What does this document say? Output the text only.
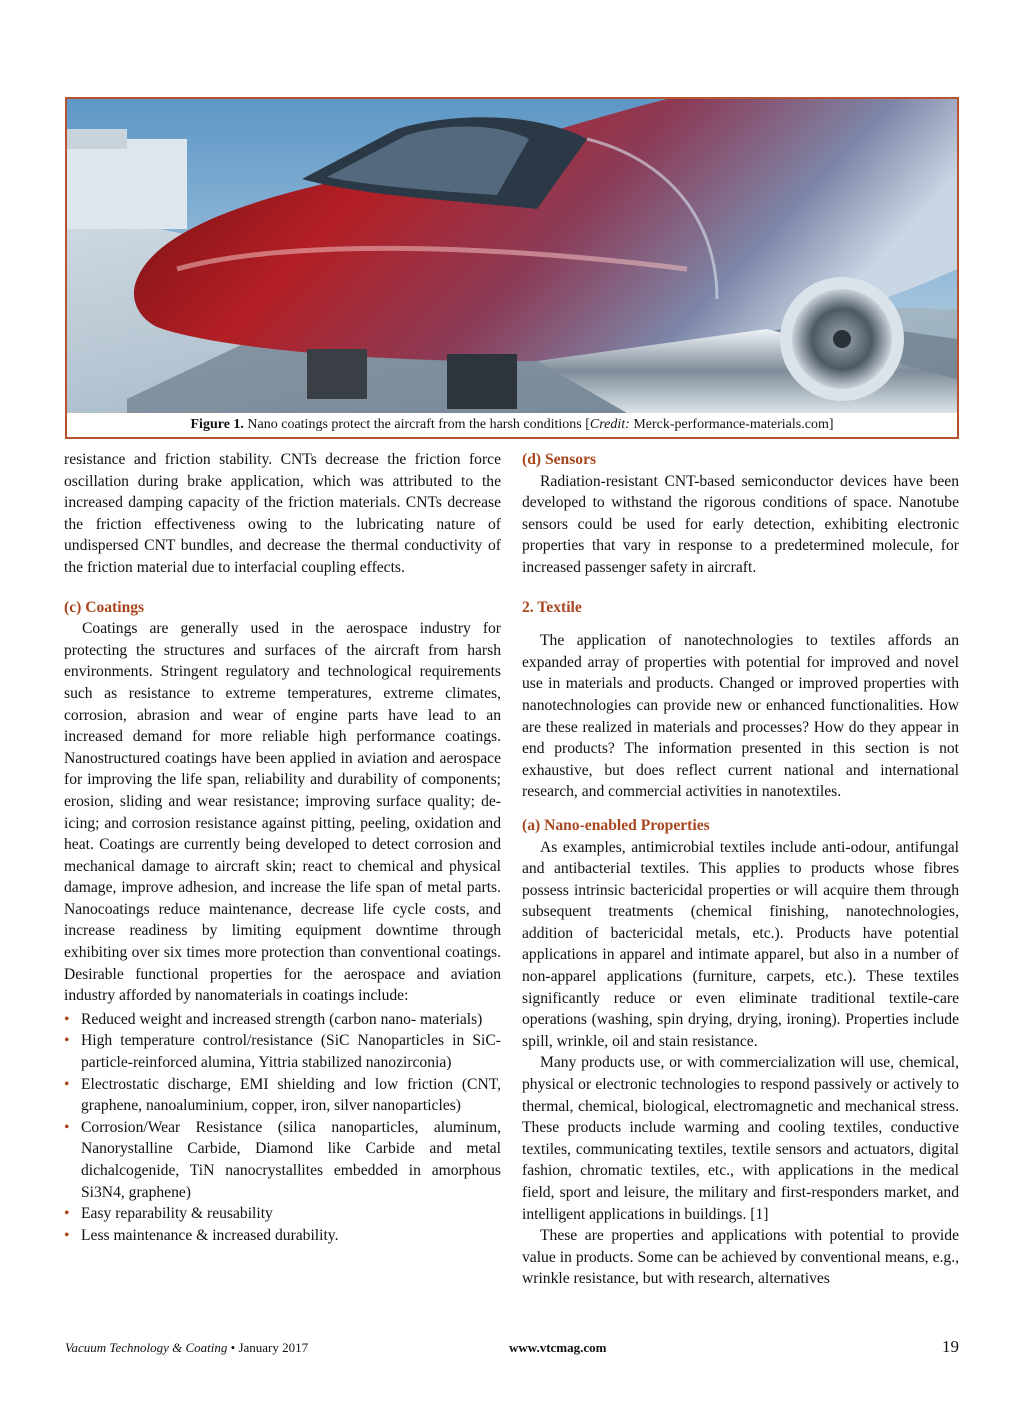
Figure 1. Nano coatings protect the aircraft from the harsh conditions [Credit: Merck-performance-materials.com]

resistance and friction stability. CNTs decrease the friction force oscillation during brake application, which was attributed to the increased damping capacity of the friction materials. CNTs decrease the friction effectiveness owing to the lubricating nature of undispersed CNT bundles, and decrease the thermal conductivity of the friction material due to interfacial coupling effects.

(c) Coatings

Coatings are generally used in the aerospace industry for protecting the structures and surfaces of the aircraft from harsh environments. Stringent regulatory and technological requirements such as resistance to extreme temperatures, extreme climates, corrosion, abrasion and wear of engine parts have lead to an increased demand for more reliable high performance coatings. Nanostructured coatings have been applied in aviation and aerospace for improving the life span, reliability and durability of components; erosion, sliding and wear resistance; improving surface quality; de-icing; and corrosion resistance against pitting, peeling, oxidation and heat. Coatings are currently being developed to detect corrosion and mechanical damage to aircraft skin; react to chemical and physical damage, improve adhesion, and increase the life span of metal parts. Nanocoatings reduce maintenance, decrease life cycle costs, and increase readiness by limiting equipment downtime through exhibiting over six times more protection than conventional coatings. Desirable functional properties for the aerospace and aviation industry afforded by nanomaterials in coatings include:

• Reduced weight and increased strength (carbon nano- materials)
• High temperature control/resistance (SiC Nanoparticles in SiC-particle-reinforced alumina, Yittria stabilized nanozirconia)
• Electrostatic discharge, EMI shielding and low friction (CNT, graphene, nanoaluminium, copper, iron, silver nanoparticles)
• Corrosion/Wear Resistance (silica nanoparticles, aluminum, Nanorystalline Carbide, Diamond like Carbide and metal dichalcogenide, TiN nanocrystallites embedded in amorphous Si3N4, graphene)
• Easy reparability & reusability
• Less maintenance & increased durability.

(d) Sensors

Radiation-resistant CNT-based semiconductor devices have been developed to withstand the rigorous conditions of space. Nanotube sensors could be used for early detection, exhibiting electronic properties that vary in response to a predetermined molecule, for increased passenger safety in aircraft.

2. Textile

The application of nanotechnologies to textiles affords an expanded array of properties with potential for improved and novel use in materials and products. Changed or improved properties with nanotechnologies can provide new or enhanced functionalities. How are these realized in materials and processes? How do they appear in end products? The information presented in this section is not exhaustive, but does reflect current national and international research, and commercial activities in nanotextiles.

(a) Nano-enabled Properties

As examples, antimicrobial textiles include anti-odour, antifungal and antibacterial textiles. This applies to products whose fibres possess intrinsic bactericidal properties or will acquire them through subsequent treatments (chemical finishing, nanotechnologies, addition of bactericidal metals, etc.). Products have potential applications in apparel and intimate apparel, but also in a number of non-apparel applications (furniture, carpets, etc.). These textiles significantly reduce or even eliminate traditional textile-care operations (washing, spin drying, drying, ironing). Properties include spill, wrinkle, oil and stain resistance.

Many products use, or with commercialization will use, chemical, physical or electronic technologies to respond passively or actively to thermal, chemical, biological, electromagnetic and mechanical stress. These products include warming and cooling textiles, conductive textiles, communicating textiles, textile sensors and actuators, digital fashion, chromatic textiles, etc., with applications in the medical field, sport and leisure, the military and first-responders market, and intelligent applications in buildings. [1]

These are properties and applications with potential to provide value in products. Some can be achieved by conventional means, e.g., wrinkle resistance, but with research, alternatives

Vacuum Technology & Coating • January 2017	www.vtcmag.com	19
